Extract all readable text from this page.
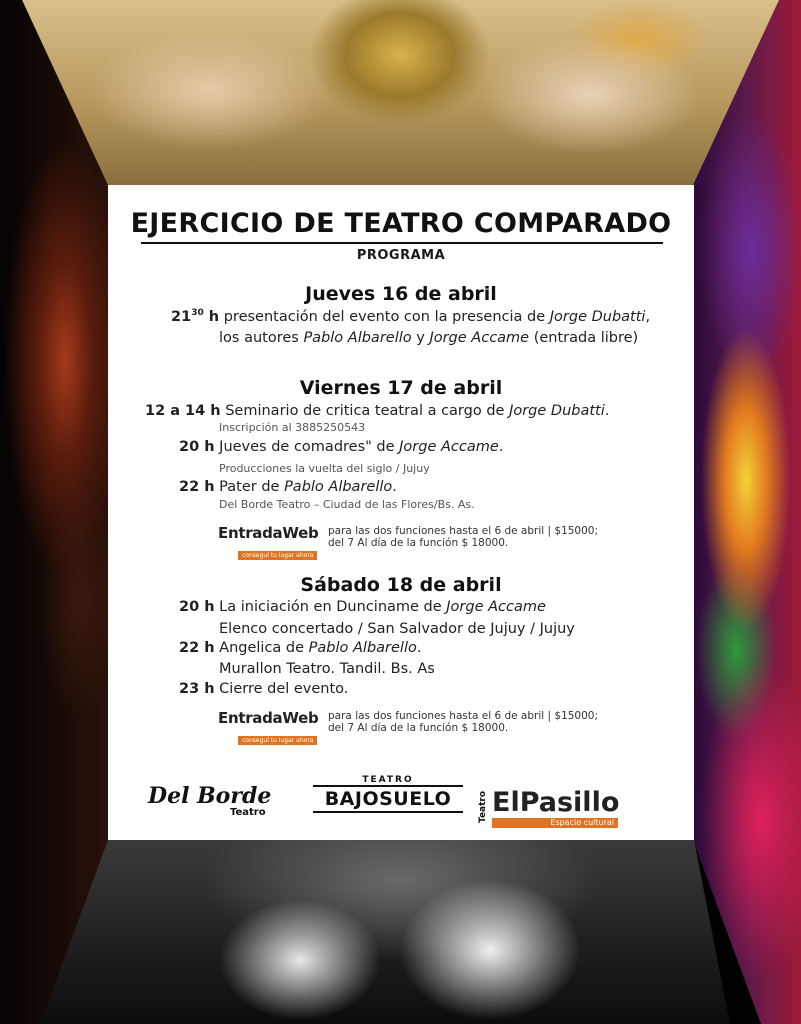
EJERCICIO DE TEATRO COMPARADO
PROGRAMA
Jueves 16 de abril
$21^{30}$ h presentación del evento con la presencia de Jorge Dubatti,
los autores Pablo Albarello y Jorge Accame (entrada libre)
Viernes 17 de abril
12 a 14 h Seminario de critica teatral a cargo de Jorge Dubatti.
Inscripción al 3885250543
20 h Jueves de comadres" de Jorge Accame.
Producciones la vuelta del siglo / Jujuy
22 h Pater de Pablo Albarello.
Del Borde Teatro – Ciudad de las Flores/Bs. As.
EntradaWeb
conseguí tu lugar ahora
para las dos funciones hasta el 6 de abril | $15000;
del 7 Al día de la función $ 18000.
Sábado 18 de abril
20 h La iniciación en Dunciname de Jorge Accame
Elenco concertado / San Salvador de Jujuy / Jujuy
22 h Angelica de Pablo Albarello.
Murallon Teatro. Tandil. Bs. As
23 h Cierre del evento.
EntradaWeb
conseguí tu lugar ahora
para las dos funciones hasta el 6 de abril | $15000;
del 7 Al día de la función $ 18000.
Del Borde
Teatro
TEATRO
BAJOSUELO	Teatro ElPasillo
Espacio cultural
